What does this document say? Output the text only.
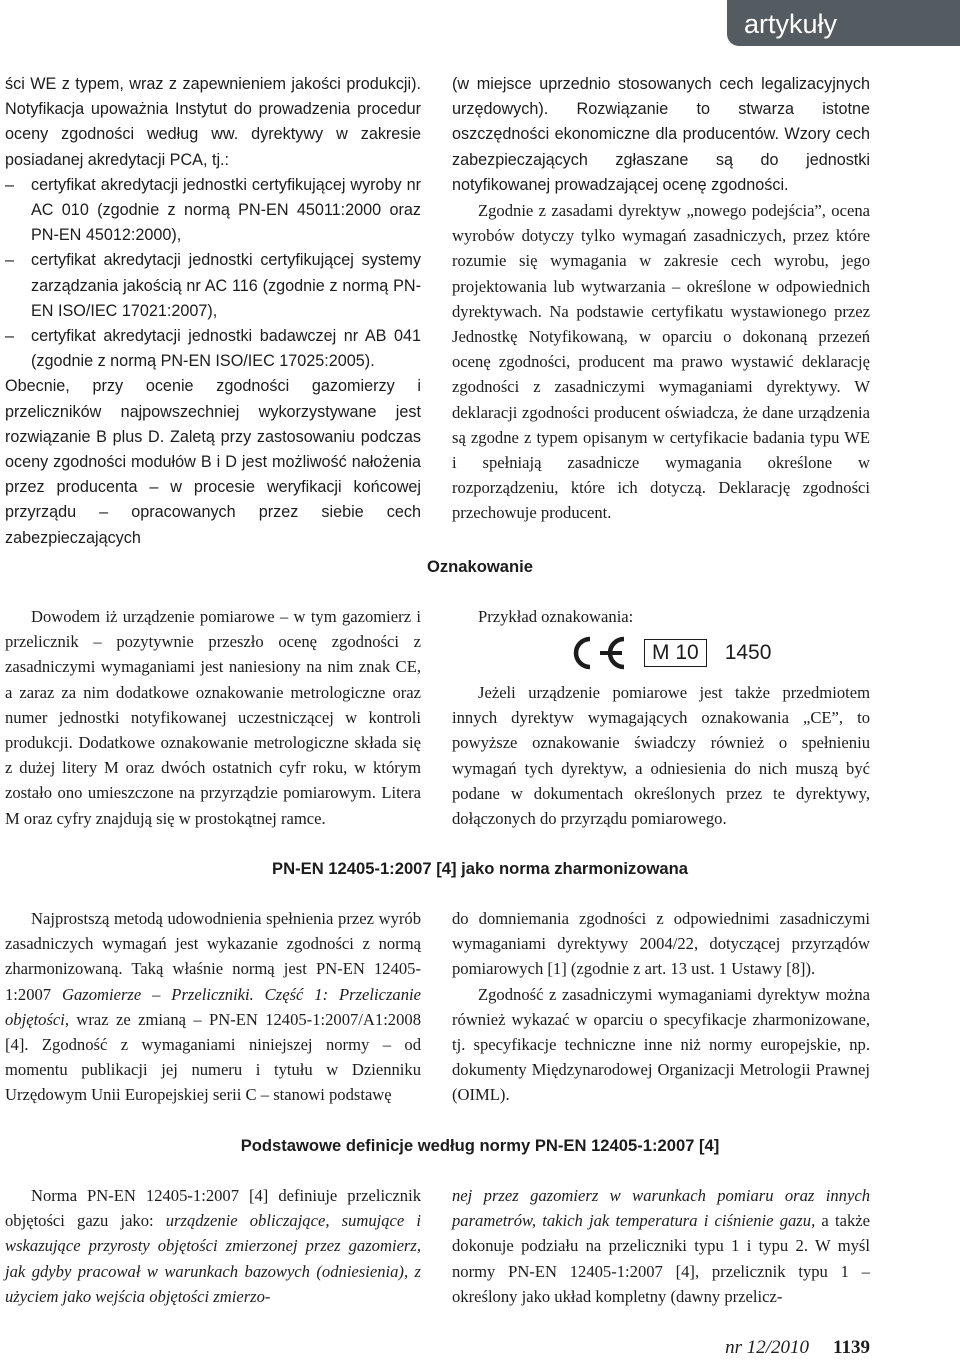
artykuły

ści WE z typem, wraz z zapewnieniem jakości produkcji). Notyfikacja upoważnia Instytut do prowadzenia procedur oceny zgodności według ww. dyrektywy w zakresie posiadanej akredytacji PCA, tj.:

– certyfikat akredytacji jednostki certyfikującej wyroby nr AC 010 (zgodnie z normą PN-EN 45011:2000 oraz PN-EN 45012:2000),
– certyfikat akredytacji jednostki certyfikującej systemy zarządzania jakością nr AC 116 (zgodnie z normą PN-EN ISO/IEC 17021:2007),
– certyfikat akredytacji jednostki badawczej nr AB 041 (zgodnie z normą PN-EN ISO/IEC 17025:2005).

Obecnie, przy ocenie zgodności gazomierzy i przeliczników najpowszechniej wykorzystywane jest rozwiązanie B plus D. Zaletą przy zastosowaniu podczas oceny zgodności modułów B i D jest możliwość nałożenia przez producenta – w procesie weryfikacji końcowej przyrządu – opracowanych przez siebie cech zabezpieczających

(w miejsce uprzednio stosowanych cech legalizacyjnych urzędowych). Rozwiązanie to stwarza istotne oszczędności ekonomiczne dla producentów. Wzory cech zabezpieczających zgłaszane są do jednostki notyfikowanej prowadzającej ocenę zgodności.

Zgodnie z zasadami dyrektyw „nowego podejścia”, ocena wyrobów dotyczy tylko wymagań zasadniczych, przez które rozumie się wymagania w zakresie cech wyrobu, jego projektowania lub wytwarzania – określone w odpowiednich dyrektywach. Na podstawie certyfikatu wystawionego przez Jednostkę Notyfikowaną, w oparciu o dokonaną przezeń ocenę zgodności, producent ma prawo wystawić deklarację zgodności z zasadniczymi wymaganiami dyrektywy. W deklaracji zgodności producent oświadcza, że dane urządzenia są zgodne z typem opisanym w certyfikacie badania typu WE i spełniają zasadnicze wymagania określone w rozporządzeniu, które ich dotyczą. Deklarację zgodności przechowuje producent.

Oznakowanie

Dowodem iż urządzenie pomiarowe – w tym gazomierz i przelicznik – pozytywnie przeszło ocenę zgodności z zasadniczymi wymaganiami jest naniesiony na nim znak CE, a zaraz za nim dodatkowe oznakowanie metrologiczne oraz numer jednostki notyfikowanej uczestniczącej w kontroli produkcji. Dodatkowe oznakowanie metrologiczne składa się z dużej litery M oraz dwóch ostatnich cyfr roku, w którym zostało ono umieszczone na przyrządzie pomiarowym. Litera M oraz cyfry znajdują się w prostokątnej ramce.

Przykład oznakowania:

M 10	1450

Jeżeli urządzenie pomiarowe jest także przedmiotem innych dyrektyw wymagających oznakowania „CE”, to powyższe oznakowanie świadczy również o spełnieniu wymagań tych dyrektyw, a odniesienia do nich muszą być podane w dokumentach określonych przez te dyrektywy, dołączonych do przyrządu pomiarowego.

PN-EN 12405-1:2007 [4] jako norma zharmonizowana

Najprostszą metodą udowodnienia spełnienia przez wyrób zasadniczych wymagań jest wykazanie zgodności z normą zharmonizowaną. Taką właśnie normą jest PN-EN 12405-1:2007 Gazomierze – Przeliczniki. Część 1: Przeliczanie objętości, wraz ze zmianą – PN-EN 12405-1:2007/A1:2008 [4]. Zgodność z wymaganiami niniejszej normy – od momentu publikacji jej numeru i tytułu w Dzienniku Urzędowym Unii Europejskiej serii C – stanowi podstawę

do domniemania zgodności z odpowiednimi zasadniczymi wymaganiami dyrektywy 2004/22, dotyczącej przyrządów pomiarowych [1] (zgodnie z art. 13 ust. 1 Ustawy [8]).

Zgodność z zasadniczymi wymaganiami dyrektyw można również wykazać w oparciu o specyfikacje zharmonizowane, tj. specyfikacje techniczne inne niż normy europejskie, np. dokumenty Międzynarodowej Organizacji Metrologii Prawnej (OIML).

Podstawowe definicje według normy PN-EN 12405-1:2007 [4]

Norma PN-EN 12405-1:2007 [4] definiuje przelicznik objętości gazu jako: urządzenie obliczające, sumujące i wskazujące przyrosty objętości zmierzonej przez gazomierz, jak gdyby pracował w warunkach bazowych (odniesienia), z użyciem jako wejścia objętości zmierzo-

nej przez gazomierz w warunkach pomiaru oraz innych parametrów, takich jak temperatura i ciśnienie gazu, a także dokonuje podziału na przeliczniki typu 1 i typu 2. W myśl normy PN-EN 12405-1:2007 [4], przelicznik typu 1 – określony jako układ kompletny (dawny przelicz-

nr 12/2010 1139
